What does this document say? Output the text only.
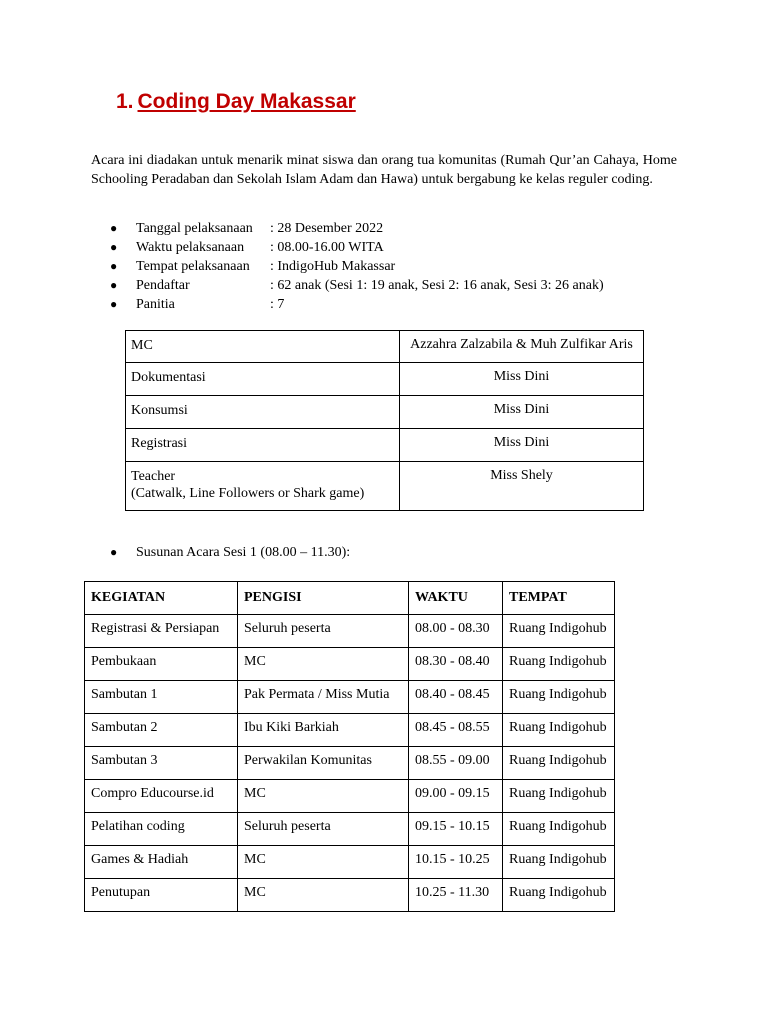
1. Coding Day Makassar
Acara ini diadakan untuk menarik minat siswa dan orang tua komunitas (Rumah Qur’an Cahaya, Home Schooling Peradaban dan Sekolah Islam Adam dan Hawa) untuk bergabung ke kelas reguler coding.
● Tanggal pelaksanaan : 28 Desember 2022
● Waktu pelaksanaan : 08.00-16.00 WITA
● Tempat pelaksanaan : IndigoHub Makassar
● Pendaftar	: 62 anak (Sesi 1: 19 anak, Sesi 2: 16 anak, Sesi 3: 26 anak)
● Panitia	: 7
MC	Azzahra Zalzabila & Muh Zulfikar Aris

Dokumentasi	Miss Dini

Konsumsi	Miss Dini

Registrasi	Miss Dini

Teacher
(Catwalk, Line Followers or Shark game)	Miss Shely
● Susunan Acara Sesi 1 (08.00 – 11.30):
KEGIATAN	PENGISI	WAKTU	TEMPAT
Registrasi & Persiapan	Seluruh peserta	08.00 - 08.30	Ruang Indigohub
Pembukaan	MC	08.30 - 08.40	Ruang Indigohub
Sambutan 1	Pak Permata / Miss Mutia	08.40 - 08.45	Ruang Indigohub
Sambutan 2	Ibu Kiki Barkiah	08.45 - 08.55	Ruang Indigohub
Sambutan 3	Perwakilan Komunitas	08.55 - 09.00	Ruang Indigohub
Compro Educourse.id	MC	09.00 - 09.15	Ruang Indigohub
Pelatihan coding	Seluruh peserta	09.15 - 10.15	Ruang Indigohub
Games & Hadiah	MC	10.15 - 10.25	Ruang Indigohub
Penutupan	MC	10.25 - 11.30	Ruang Indigohub
